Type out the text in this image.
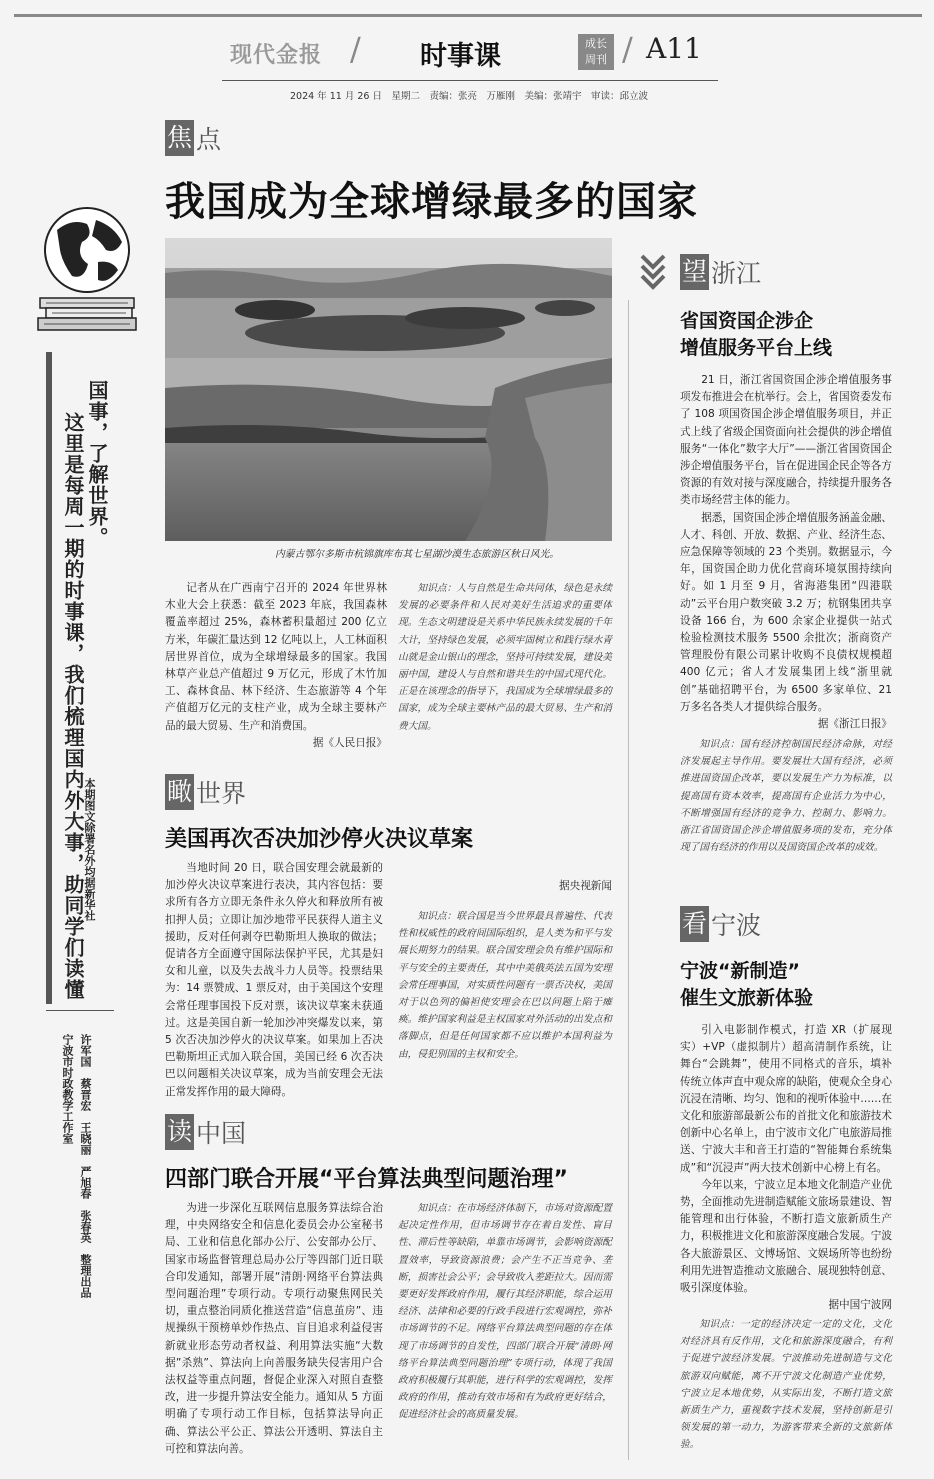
现代金报 / 时事课	成长
周刊 / A11
2024 年 11 月 26 日　星期二　责编：张亮　万雁刚　美编：张靖宇　审读：邱立波
国事，了解世界。
这里是每周一期的时事课，我们梳理国内外大事，助同学们读懂
本期图文除署名外均据新华社
许军国　蔡晋宏　王晓丽　严旭春　张春英　整理出品
宁波市时政教学工作室
焦 点
我国成为全球增绿最多的国家
内蒙古鄂尔多斯市杭锦旗库布其七星湖沙漠生态旅游区秋日风光。
记者从在广西南宁召开的 2024 年世界林木业大会上获悉：截至 2023 年底，我国森林覆盖率超过 25%，森林蓄积量超过 200 亿立方米，年碳汇量达到 12 亿吨以上，人工林面积居世界首位，成为全球增绿最多的国家。我国林草产业总产值超过 9 万亿元，形成了木竹加工、森林食品、林下经济、生态旅游等 4 个年产值超万亿元的支柱产业，成为全球主要林产品的最大贸易、生产和消费国。
据《人民日报》
知识点：人与自然是生命共同体，绿色是永续发展的必要条件和人民对美好生活追求的重要体现。生态文明建设是关系中华民族永续发展的千年大计，坚持绿色发展，必须牢固树立和践行绿水青山就是金山银山的理念，坚持可持续发展，建设美丽中国，建设人与自然和谐共生的中国式现代化。正是在该理念的指导下，我国成为全球增绿最多的国家，成为全球主要林产品的最大贸易、生产和消费大国。
瞰 世界
美国再次否决加沙停火决议草案
当地时间 20 日，联合国安理会就最新的加沙停火决议草案进行表决，其内容包括：要求所有各方立即无条件永久停火和释放所有被扣押人员；立即让加沙地带平民获得人道主义援助，反对任何剥夺巴勒斯坦人换取的做法；促请各方全面遵守国际法保护平民，尤其是妇女和儿童，以及失去战斗力人员等。投票结果为：14 票赞成、1 票反对，由于美国这个安理会常任理事国投下反对票，该决议草案未获通过。这是美国自新一轮加沙冲突爆发以来，第 5 次否决加沙停火的决议草案。如果加上否决巴勒斯坦正式加入联合国，美国已经 6 次否决巴以问题相关决议草案，成为当前安理会无法正常发挥作用的最大障碍。
据央视新闻
知识点：联合国是当今世界最具普遍性、代表性和权威性的政府间国际组织，是人类为和平与发展长期努力的结果。联合国安理会负有维护国际和平与安全的主要责任，其中中美俄英法五国为安理会常任理事国，对实质性问题有一票否决权，美国对于以色列的偏袒使安理会在巴以问题上陷于瘫痪。维护国家利益是主权国家对外活动的出发点和落脚点，但是任何国家都不应以维护本国利益为由，侵犯别国的主权和安全。
读 中国
四部门联合开展“平台算法典型问题治理”
为进一步深化互联网信息服务算法综合治理，中央网络安全和信息化委员会办公室秘书局、工业和信息化部办公厅、公安部办公厅、国家市场监督管理总局办公厅等四部门近日联合印发通知，部署开展“清朗·网络平台算法典型问题治理”专项行动。专项行动聚焦网民关切，重点整治同质化推送营造“信息茧房”、违规操纵干预榜单炒作热点、盲目追求利益侵害新就业形态劳动者权益、利用算法实施“大数据”杀熟”、算法向上向善服务缺失侵害用户合法权益等重点问题，督促企业深入对照自查整改，进一步提升算法安全能力。通知从 5 方面明确了专项行动工作目标，包括算法导向正确、算法公平公正、算法公开透明、算法自主可控和算法向善。
知识点：在市场经济体制下，市场对资源配置起决定性作用，但市场调节存在着自发性、盲目性、滞后性等缺陷，单靠市场调节，会影响资源配置效率，导致资源浪费；会产生不正当竞争、垄断，损害社会公平；会导致收入差距拉大。因而需要更好发挥政府作用，履行其经济职能，综合运用经济、法律和必要的行政手段进行宏观调控，弥补市场调节的不足。网络平台算法典型问题的存在体现了市场调节的自发性，四部门联合开展“清朗·网络平台算法典型问题治理”专项行动，体现了我国政府积极履行其职能，进行科学的宏观调控，发挥政府的作用，推动有效市场和有为政府更好结合，促进经济社会的高质量发展。
望 浙江
省国资国企涉企
增值服务平台上线

21 日，浙江省国资国企涉企增值服务事项发布推进会在杭举行。会上，省国资委发布了 108 项国资国企涉企增值服务项目，并正式上线了省级企国资面向社会提供的涉企增值服务“一体化”数字大厅”——浙江省国资国企涉企增值服务平台，旨在促进国企民企等各方资源的有效对接与深度融合，持续提升服务各类市场经营主体的能力。

据悉，国资国企涉企增值服务涵盖金融、人才、科创、开放、数据、产业、经济生态、应急保障等领域的 23 个类别。数据显示，今年，国资国企助力优化营商环境氛围持续向好。如 1 月至 9 月，省海港集团“四港联动”云平台用户数突破 3.2 万；杭钢集团共享设备 166 台，为 600 余家企业提供一站式检验检测技术服务 5500 余批次；浙商资产管理股份有限公司累计收购不良债权规模超 400 亿元；省人才发展集团上线“浙里就创”基础招聘平台，为 6500 多家单位、21 万多名各类人才提供综合服务。

据《浙江日报》
知识点：国有经济控制国民经济命脉，对经济发展起主导作用。要发展壮大国有经济，必须推进国资国企改革，要以发展生产力为标准，以提高国有资本效率，提高国有企业活力为中心，不断增强国有经济的竞争力、控制力、影响力。浙江省国资国企涉企增值服务项的发布，充分体现了国有经济的作用以及国资国企改革的成效。
看 宁波
宁波“新制造”
催生文旅新体验

引入电影制作模式，打造 XR（扩展现实）+VP（虚拟制片）超高清制作系统，让舞台“会跳舞”，使用不同格式的音乐，填补传统立体声直中观众席的缺陷，使观众全身心沉浸在清晰、均匀、饱和的视听体验中……在文化和旅游部最新公布的首批文化和旅游技术创新中心名单上，由宁波市文化广电旅游局推送、宁波大丰和音王打造的“智能舞台系统集成”和“沉浸声”两大技术创新中心榜上有名。

今年以来，宁波立足本地文化制造产业优势，全面推动先进制造赋能文旅场景建设、智能管理和出行体验，不断打造文旅新质生产力，积极推进文化和旅游深度融合发展。宁波各大旅游景区、文博场馆、文娱场所等也纷纷利用先进智造推动文旅融合、展现独特创意、吸引深度体验。

据中国宁波网
知识点：一定的经济决定一定的文化，文化对经济具有反作用，文化和旅游深度融合，有利于促进宁波经济发展。宁波推动先进制造与文化旅游双向赋能，离不开宁波文化制造产业优势，宁波立足本地优势，从实际出发，不断打造文旅新质生产力，重视数字技术发展，坚持创新是引领发展的第一动力，为游客带来全新的文旅新体验。
